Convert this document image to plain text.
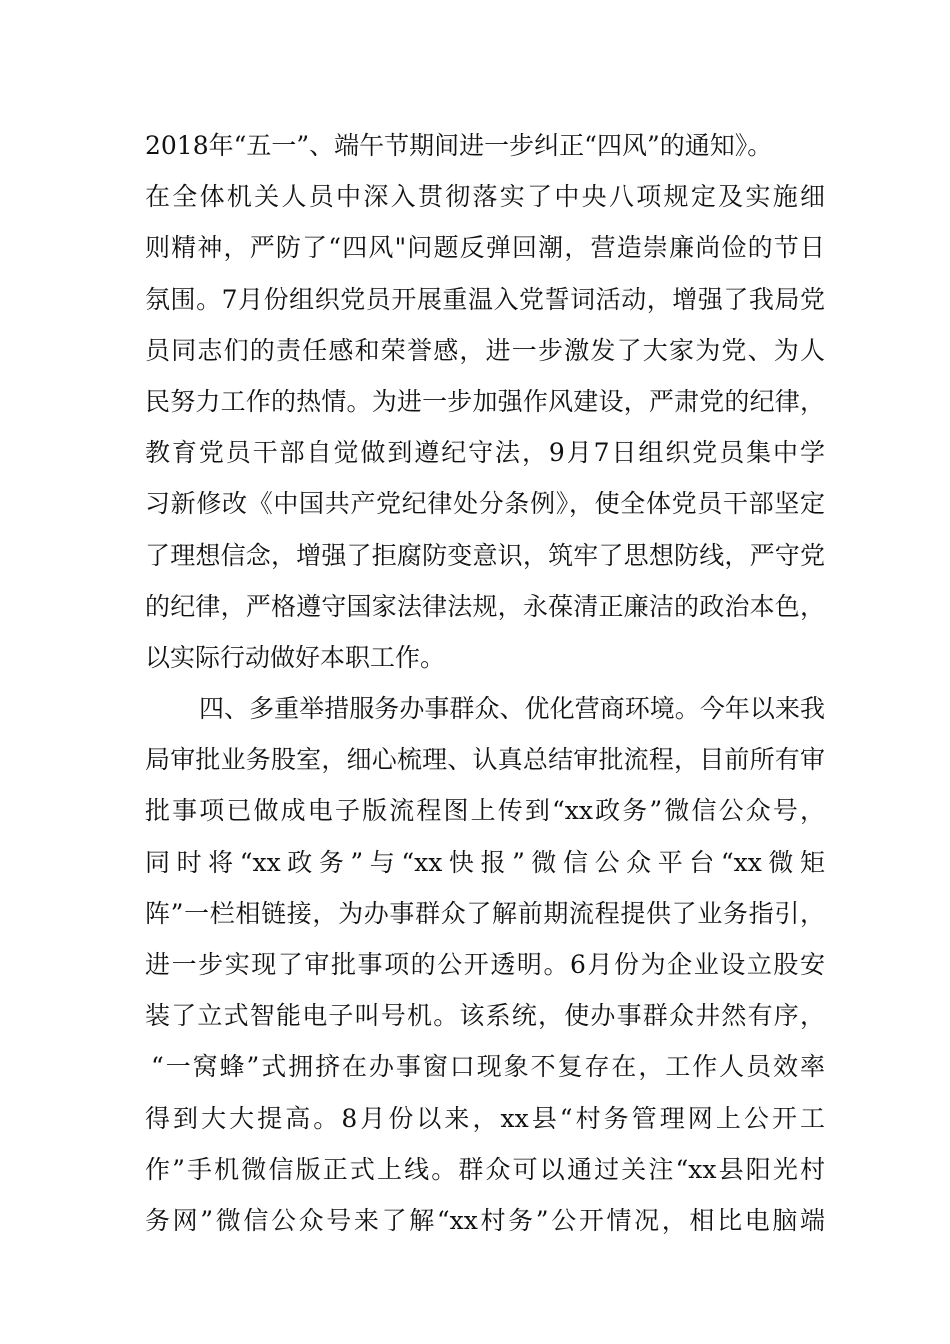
2018年“五一”、端午节期间进一步纠正“四风”的通知》。
在全体机关人员中深入贯彻落实了中央八项规定及实施细
则精神，严防了“四风"问题反弹回潮，营造崇廉尚俭的节日
氛围。7月份组织党员开展重温入党誓词活动，增强了我局党
员同志们的责任感和荣誉感，进一步激发了大家为党、为人
民努力工作的热情。为进一步加强作风建设，严肃党的纪律，
教育党员干部自觉做到遵纪守法，9月7日组织党员集中学
习新修改《中国共产党纪律处分条例》，使全体党员干部坚定
了理想信念，增强了拒腐防变意识，筑牢了思想防线，严守党
的纪律，严格遵守国家法律法规，永葆清正廉洁的政治本色，
以实际行动做好本职工作。
四、多重举措服务办事群众、优化营商环境。今年以来我
局审批业务股室，细心梳理、认真总结审批流程，目前所有审
批事项已做成电子版流程图上传到“xx政务”微信公众号，
同时将“xx政务”与“xx快报”微信公众平台“xx微矩
阵”一栏相链接，为办事群众了解前期流程提供了业务指引，
进一步实现了审批事项的公开透明。6月份为企业设立股安
装了立式智能电子叫号机。该系统，使办事群众井然有序，
“一窝蜂”式拥挤在办事窗口现象不复存在，工作人员效率
得到大大提高。8月份以来，xx县“村务管理网上公开工
作”手机微信版正式上线。群众可以通过关注“xx县阳光村
务网”微信公众号来了解“xx村务”公开情况，相比电脑端
